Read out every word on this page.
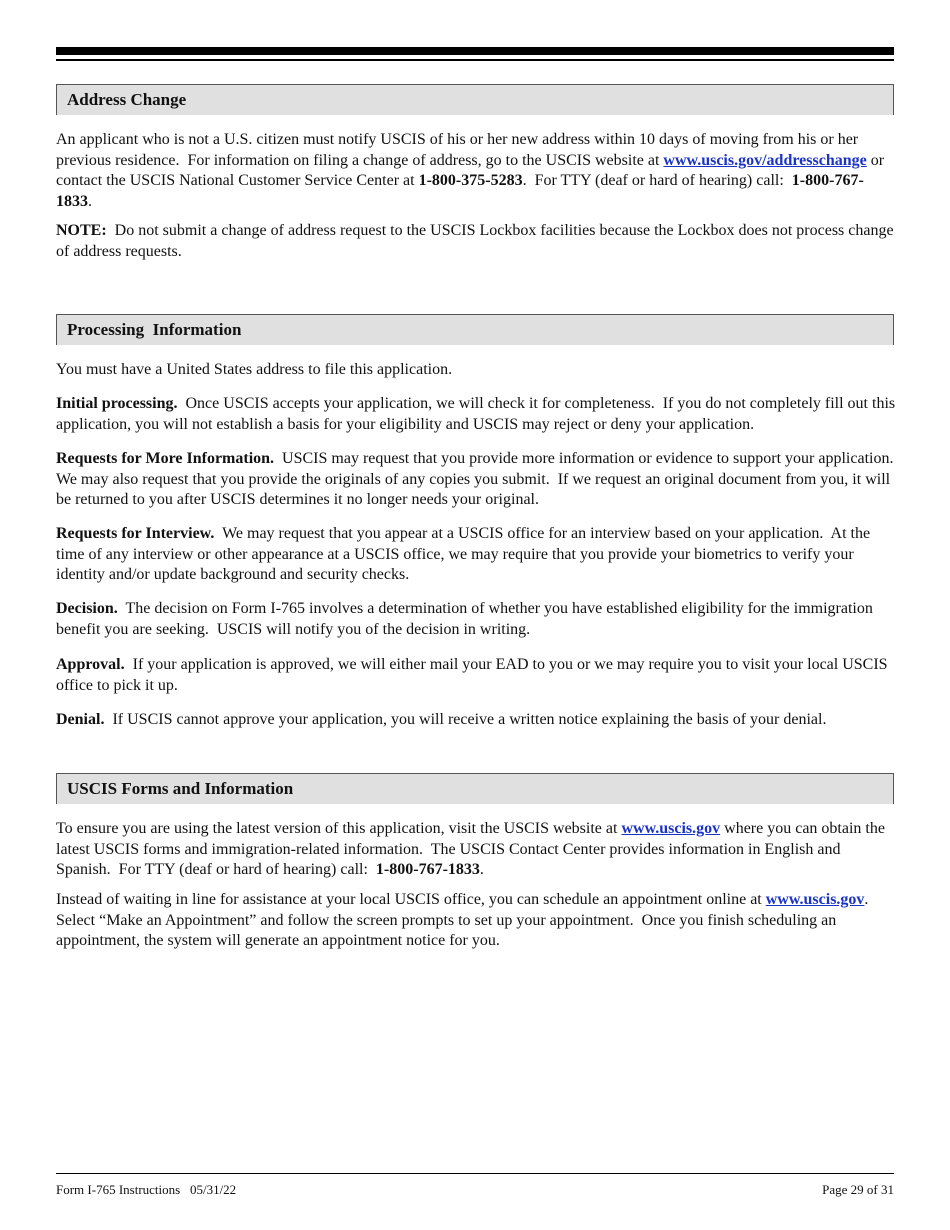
Address Change

An applicant who is not a U.S. citizen must notify USCIS of his or her new address within 10 days of moving from his or her previous residence.  For information on filing a change of address, go to the USCIS website at www.uscis.gov/addresschange or contact the USCIS National Customer Service Center at 1-800-375-5283.  For TTY (deaf or hard of hearing) call:  1-800-767-1833.

NOTE:  Do not submit a change of address request to the USCIS Lockbox facilities because the Lockbox does not process change of address requests.

Processing  Information

You must have a United States address to file this application.

Initial processing.  Once USCIS accepts your application, we will check it for completeness.  If you do not completely fill out this application, you will not establish a basis for your eligibility and USCIS may reject or deny your application.

Requests for More Information.  USCIS may request that you provide more information or evidence to support your application.  We may also request that you provide the originals of any copies you submit.  If we request an original document from you, it will be returned to you after USCIS determines it no longer needs your original.

Requests for Interview.  We may request that you appear at a USCIS office for an interview based on your application.  At the time of any interview or other appearance at a USCIS office, we may require that you provide your biometrics to verify your identity and/or update background and security checks.

Decision.  The decision on Form I-765 involves a determination of whether you have established eligibility for the immigration benefit you are seeking.  USCIS will notify you of the decision in writing.

Approval.  If your application is approved, we will either mail your EAD to you or we may require you to visit your local USCIS office to pick it up.

Denial.  If USCIS cannot approve your application, you will receive a written notice explaining the basis of your denial.

USCIS Forms and Information

To ensure you are using the latest version of this application, visit the USCIS website at www.uscis.gov where you can obtain the latest USCIS forms and immigration-related information.  The USCIS Contact Center provides information in English and Spanish.  For TTY (deaf or hard of hearing) call:  1-800-767-1833.

Instead of waiting in line for assistance at your local USCIS office, you can schedule an appointment online at www.uscis.gov.  Select “Make an Appointment” and follow the screen prompts to set up your appointment.  Once you finish scheduling an appointment, the system will generate an appointment notice for you.

Form I-765 Instructions   05/31/22	Page 29 of 31
